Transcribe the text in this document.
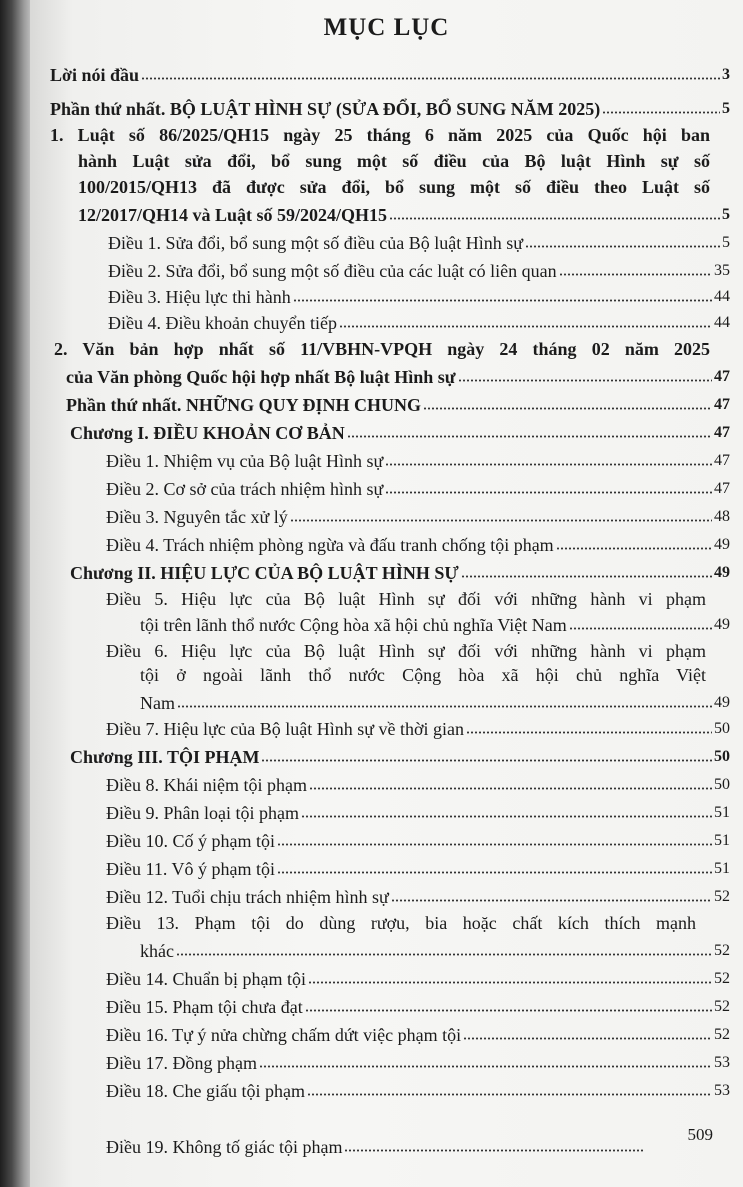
MỤC LỤC
Lời nói đầu	3
Phần thứ nhất. BỘ LUẬT HÌNH SỰ (SỬA ĐỔI, BỔ SUNG NĂM 2025)	5
1. Luật số 86/2025/QH15 ngày 25 tháng 6 năm 2025 của Quốc hội ban
hành Luật sửa đổi, bổ sung một số điều của Bộ luật Hình sự số
100/2015/QH13 đã được sửa đổi, bổ sung một số điều theo Luật số
12/2017/QH14 và Luật số 59/2024/QH15	5
Điều 1. Sửa đổi, bổ sung một số điều của Bộ luật Hình sự	5
Điều 2. Sửa đổi, bổ sung một số điều của các luật có liên quan	35
Điều 3. Hiệu lực thi hành	44
Điều 4. Điều khoản chuyển tiếp	44
2. Văn bản hợp nhất số 11/VBHN-VPQH ngày 24 tháng 02 năm 2025
của Văn phòng Quốc hội hợp nhất Bộ luật Hình sự	47
Phần thứ nhất. NHỮNG QUY ĐỊNH CHUNG	47
Chương I. ĐIỀU KHOẢN CƠ BẢN	47
Điều 1. Nhiệm vụ của Bộ luật Hình sự	47
Điều 2. Cơ sở của trách nhiệm hình sự	47
Điều 3. Nguyên tắc xử lý	48
Điều 4. Trách nhiệm phòng ngừa và đấu tranh chống tội phạm	49
Chương II. HIỆU LỰC CỦA BỘ LUẬT HÌNH SỰ	49
Điều 5. Hiệu lực của Bộ luật Hình sự đối với những hành vi phạm
tội trên lãnh thổ nước Cộng hòa xã hội chủ nghĩa Việt Nam	49
Điều 6. Hiệu lực của Bộ luật Hình sự đối với những hành vi phạm
tội ở ngoài lãnh thổ nước Cộng hòa xã hội chủ nghĩa Việt
Nam	49
Điều 7. Hiệu lực của Bộ luật Hình sự về thời gian	50
Chương III. TỘI PHẠM	50
Điều 8. Khái niệm tội phạm	50
Điều 9. Phân loại tội phạm	51
Điều 10. Cố ý phạm tội	51
Điều 11. Vô ý phạm tội	51
Điều 12. Tuổi chịu trách nhiệm hình sự	52
Điều 13. Phạm tội do dùng rượu, bia hoặc chất kích thích mạnh
khác	52
Điều 14. Chuẩn bị phạm tội	52
Điều 15. Phạm tội chưa đạt	52
Điều 16. Tự ý nửa chừng chấm dứt việc phạm tội	52
Điều 17. Đồng phạm	53
Điều 18. Che giấu tội phạm	53
Điều 19. Không tố giác tội phạm
509
